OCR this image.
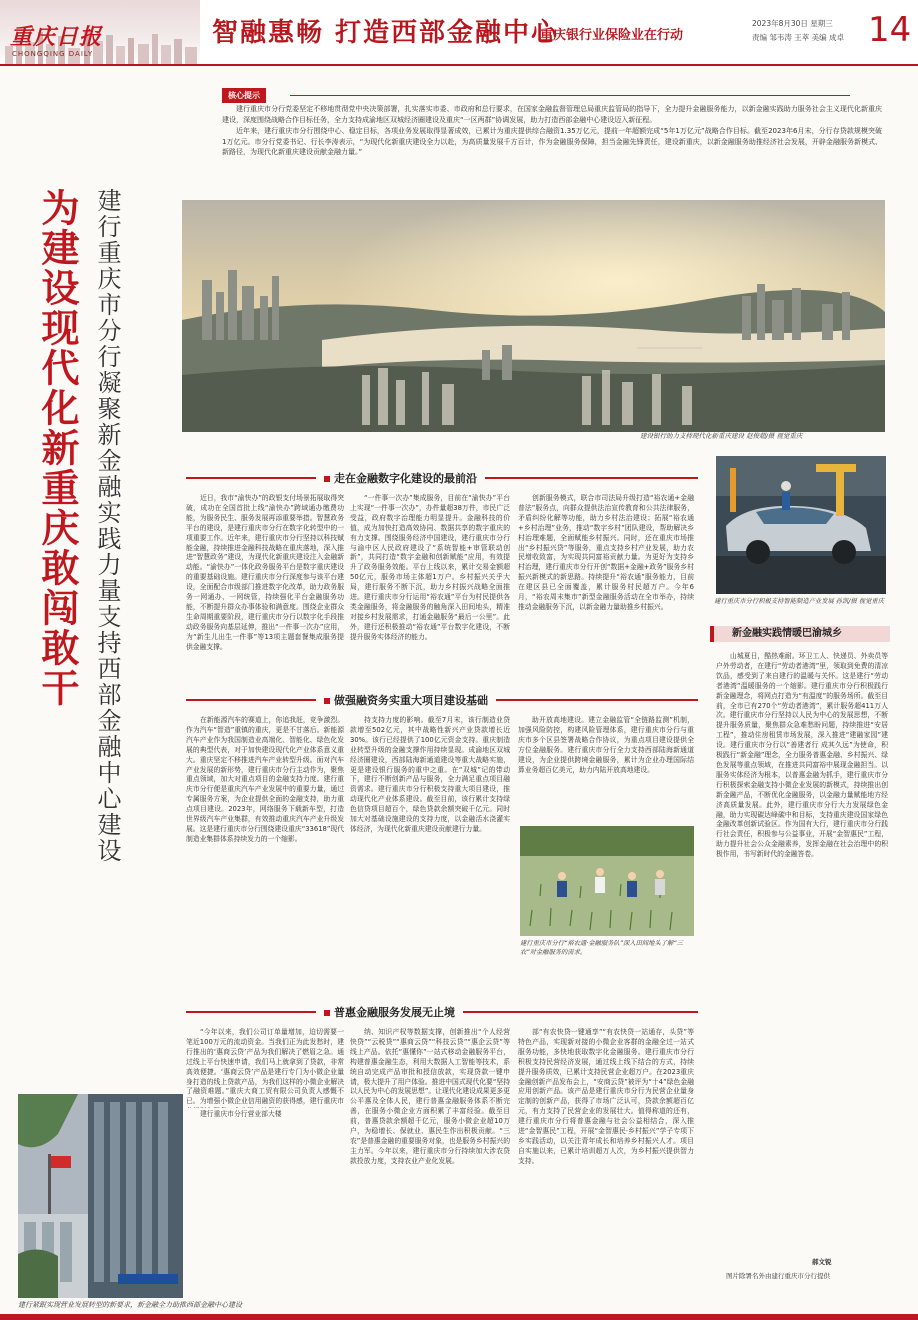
重庆日报
CHONGQING DAILY
智融惠畅 打造西部金融中心
重庆银行业保险业在行动
2023年8月30日 星期三
责编 邹韦涛 王萃 美编 成卓 14
核心提示

建行重庆市分行党委坚定不移地贯彻党中央决策部署，扎实落实市委、市政府和总行要求，在国家金融监督管理总局重庆监管局的指导下，全力提升金融服务能力，以新金融实践助力服务社会主义现代化新重庆建设，深度围绕战略合作目标任务，全力支持成渝地区双城经济圈建设及重庆“一区两群”协调发展，助力打造西部金融中心建设迈入新征程。

近年来，建行重庆市分行围绕中心、稳定目标，各项业务发展取得显著成效，已累计为重庆提供综合融资1.35万亿元，提前一年超额完成“5年1万亿元”战略合作目标。截至2023年6月末，分行存贷款规模突破1万亿元。市分行党委书记、行长李涛表示，“为现代化新重庆建设全力以赴，为高质量发展千方百计，作为金融服务保障，担当金融先锋责任，建设新重庆，以新金融服务助推经济社会发展，开辟金融服务新模式、新路径，为现代化新重庆建设贡献金融力量。”

为建设现代化新重庆敢闯敢干 建行重庆市分行凝聚新金融实践力量支持西部金融中心建设	建设银行助力支持现代化新重庆建设 赵俊超/摄 视觉重庆
走在金融数字化建设的最前沿

近日，我市“渝快办”的政银支付场景拓展取得突破，成功在全国首批上线“渝快办”跨域通办缴费功能，为服务民生、服务发展再添重要举措。智慧政务平台的建设，是建行重庆市分行在数字化转型中的一项重要工作。近年来，建行重庆市分行坚持以科技赋能金融，持续推进金融科技战略在重庆落地，深入推进“智慧政务”建设，为现代化新重庆建设注入金融新动能。“渝快办”一体化政务服务平台是数字重庆建设的重要基础设施。建行重庆市分行深度参与该平台建设，全面配合市级部门推进数字化改革，助力政务服务一网通办、一网统管，持续强化平台金融服务功能，不断提升群众办事体验和满意度。围绕企业群众生命周期重要阶段，建行重庆市分行以数字化手段推动政务服务向基层延伸，推出“一件事一次办”应用，为“新生儿出生一件事”等13项主题套餐集成服务提供金融支撑。

“一件事一次办”集成服务，目前在“渝快办”平台上实现“一件事一次办”，办件量超38万件，市民广泛受益，政府数字治理能力明显提升。金融科技的价值，成为加快打造高效协同、数据共享的数字重庆的有力支撑。围绕服务经济中国建设，建行重庆市分行与渝中区人民政府建设了“系统智能+审管联动创新”，共同打造“数字金融和创新赋能”应用，有效提升了政务服务效能。平台上线以来，累计交易金额超50亿元，服务市场主体超1万户。乡村振兴关乎大局，建行服务不断下沉，助力乡村振兴战略全面推进。建行重庆市分行运用“裕农通”平台为村民提供各类金融服务，将金融服务的触角深入田间地头，精准对接乡村发展需求，打通金融服务“最后一公里”。此外，建行还积极推动“裕农通”平台数字化建设，不断提升服务实体经济的能力。

创新服务模式，联合市司法局升级打造“裕农通+金融普法”服务点，向群众提供法治宣传教育和公共法律服务，矛盾纠纷化解等功能，助力乡村法治建设；拓展“裕农通+乡村治理”业务，推动“数字乡村”团队建设，帮助解决乡村治理难题，全面赋能乡村振兴。同时，还在重庆市场推出“乡村振兴贷”等服务，重点支持乡村产业发展，助力农民增收致富，为实现共同富裕贡献力量。为更好为支持乡村治理，建行重庆市分行开创“数据+金融+政务”服务乡村振兴新模式的新思路。持续提升“裕农通”服务能力，目前在建区县已全面覆盖，累计服务村民超万户。今年6月，“裕农周末集市”新型金融服务活动在全市举办，持续推动金融服务下沉，以新金融力量助推乡村振兴。

建行重庆市分行积极支持智能制造产业发展 孙凯/摄 视觉重庆
新金融实践情暖巴渝城乡

山城夏日，酷热难耐。环卫工人、快递员、外卖员等户外劳动者，在建行“劳动者港湾”里，领取到免费的清凉饮品，感受到了来自建行的温暖与关怀。这是建行“劳动者港湾”温暖服务的一个缩影。建行重庆市分行积极践行新金融理念，将网点打造为“有温度”的服务场所。截至目前，全市已有270个“劳动者港湾”，累计服务超411万人次。建行重庆市分行坚持以人民为中心的发展思想，不断提升服务质量，聚焦群众急难愁盼问题，持续推进“安居工程”，推动住房租赁市场发展，深入推进“建融家园”建设。建行重庆市分行以“善建者行 成其久远”为使命，积极践行“新金融”理念，全力服务普惠金融、乡村振兴、绿色发展等重点领域，在推进共同富裕中展现金融担当。以服务实体经济为根本，以普惠金融为抓手，建行重庆市分行积极探索金融支持小微企业发展的新模式，持续推出创新金融产品，不断优化金融服务，以金融力量赋能地方经济高质量发展。此外，建行重庆市分行大力发展绿色金融，助力实现碳达峰碳中和目标，支持重庆建设国家绿色金融改革创新试验区。作为国有大行，建行重庆市分行践行社会责任，积极参与公益事业，开展“金智惠民”工程，助力提升社会公众金融素养，发挥金融在社会治理中的积极作用，书写新时代的金融答卷。

郝文锐
图片除署名外由建行重庆市分行提供
做强融资务实重大项目建设基础

在新能源汽车的赛道上，你追我赶，竞争激烈。作为汽车“智造”重镇的重庆，更是不甘落后。新能源汽车产业作为我国制造业高端化、智能化、绿色化发展的典型代表，对于加快建设现代化产业体系意义重大。重庆坚定不移推进汽车产业转型升级。面对汽车产业发展的新形势，建行重庆市分行主动作为，聚焦重点领域，加大对重点项目的金融支持力度。建行重庆市分行便是重庆汽车产业发展中的重要力量，通过专属服务方案，为企业提供全面的金融支持，助力重点项目建设。2023年，网络服务下载新车型，打造世界级汽车产业集群，有效推动重庆汽车产业升级发展。这是建行重庆市分行围绕建设重庆“33618”现代制造业集群体系持续发力的一个缩影。

持支持力度的影响。截至7月末，该行制造业贷款增至502亿元，其中战略性新兴产业贷款增长近30%。该行已经提供了100亿元资金支持。重庆制造业转型升级的金融支撑作用持续显现。成渝地区双城经济圈建设，西部陆海新通道建设等重大战略实施，更是建设银行服务的重中之重。在“双城”记的带动下，建行不断创新产品与服务，全力满足重点项目融资需求。建行重庆市分行积极支持重大项目建设，推动现代化产业体系建设。截至目前，该行累计支持绿色信贷项目超百个，绿色贷款余额突破千亿元。同时加大对基础设施建设的支持力度，以金融活水浇灌实体经济，为现代化新重庆建设贡献建行力量。

助开放高地建设。建立金融监管“全链路监测”机制，加强风险防控，构建风险管理体系，建行重庆市分行与重庆市多个区县签署战略合作协议，为重点项目建设提供全方位金融服务。建行重庆市分行全力支持西部陆海新通道建设，为企业提供跨境金融服务，累计为企业办理国际结算业务超百亿美元，助力内陆开放高地建设。

建行重庆市分行“裕农通·金融服务队”深入田间地头了解“三农”对金融服务的需求。
普惠金融服务发展无止境

“今年以来，我们公司订单量增加，迫切需要一笔近100万元的流动资金。当我们正为此发愁时，建行推出的‘惠商云贷’产品为我们解决了燃眉之急。通过线上平台快速申请，我们马上就拿到了贷款，非常高效便捷。‘惠商云贷’产品是建行专门为小微企业量身打造的线上贷款产品，为我们这样的小微企业解决了融资难题。”重庆大商工贸有限公司负责人感慨不已。为增强小微企业信用融资的获得感，建行重庆市

纳、知识产权等数据支撑，创新推出“个人经营快贷”“云税贷”“惠商云贷”“科技云贷”“惠企云贷”等线上产品。依托“惠懂你”一站式移动金融服务平台，构建普惠金融生态，利用大数据人工智能等技术，系统自动完成产品审批和授信放款，实现贷款一键申请，极大提升了用户体验。推进中国式现代化要“坚持以人民为中心的发展思想”。让现代化建设成果更多更公平惠及全体人民，建行普惠金融服务体系不断完善，在服务小微企业方面积累了丰富经验。截至目前，普惠贷款余额超千亿元，服务小微企业超10万户，为稳增长、保就业、惠民生作出积极贡献。“三农”是普惠金融的重要服务对象，也是服务乡村振兴的主力军。今年以来，建行重庆市分行持续加大涉农贷款投放力度，支持农业产业化发展。

部“有农快贷一键通享”“有农快贷一站通存，头贷”等特色产品，实现新对接的小微企业客群的金融全过一站式服务功能，多快地获取数字化金融服务。建行重庆市分行积极支持民营经济发展，通过线上线下结合的方式，持续提升服务质效，已累计支持民营企业超万户。在2023重庆金融创新产品发布会上，“安商云贷”被评为“十4”绿色金融应用创新产品。该产品是建行重庆市分行为民营企业量身定制的创新产品，获得了市场广泛认可，贷款余额超百亿元，有力支持了民营企业的发展壮大。值得称道的还有，建行重庆市分行将普惠金融与社会公益相结合，深入推进“金智惠民”工程，开展“金智惠民·乡村振兴”学子专项下乡实践活动，以关注青年成长和培养乡村振兴人才。项目自实施以来，已累计培训超万人次，为乡村振兴提供智力支持。

建行重庆市分行营业部大楼

建行紧跟实现营业发展转型的新要求，新金融全力助推西部金融中心建设
